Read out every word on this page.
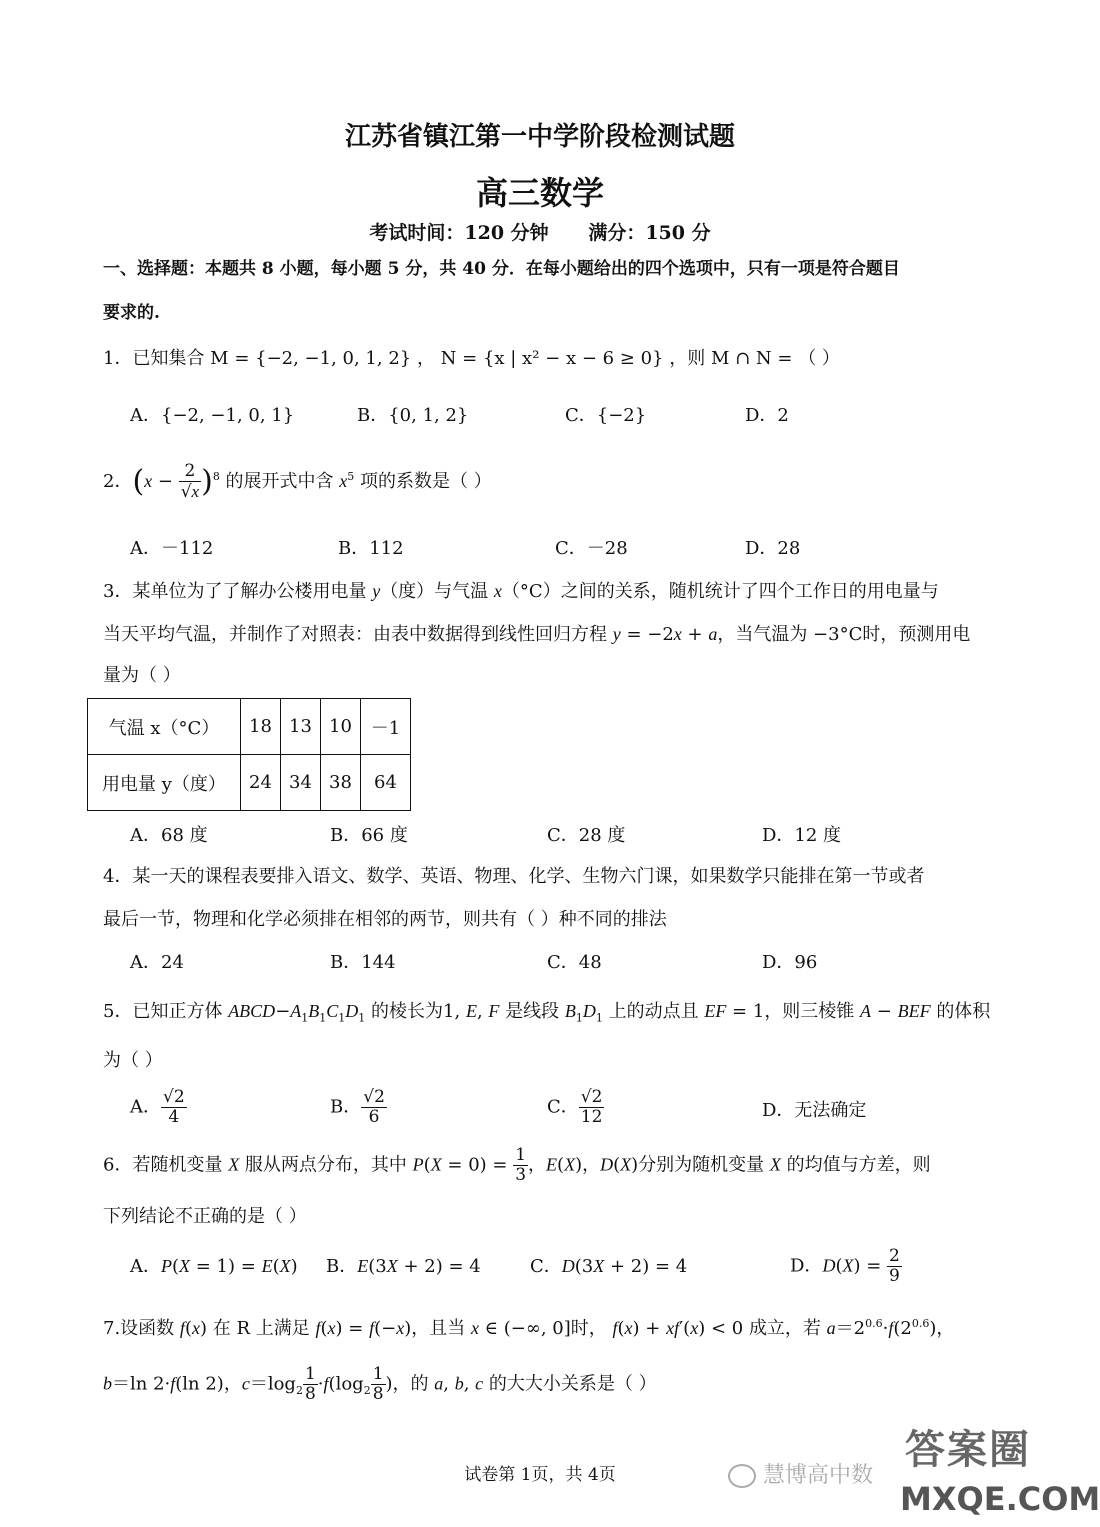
江苏省镇江第一中学阶段检测试题
高三数学
考试时间：120 分钟      满分：150 分
一、选择题：本题共 8 小题，每小题 5 分，共 40 分．在每小题给出的四个选项中，只有一项是符合题目
要求的.
1．已知集合 M = {−2, −1, 0, 1, 2} ， N = {x | x² − x − 6 ≥ 0} ，则 M ∩ N = （ ）
A．{−2, −1, 0, 1}	B．{0, 1, 2}	C．{−2}	D．2
2．$(x - \frac{2}{√x} )^8$ 的展开式中含 $x^5$ 项的系数是（ ）
A．－112	B．112	C．－28	D．28
3．某单位为了了解办公楼用电量 y（度）与气温 x（°C）之间的关系，随机统计了四个工作日的用电量与
当天平均气温，并制作了对照表：由表中数据得到线性回归方程 y = −2x + a，当气温为 −3°C时，预测用电
量为（ ）
气温 x（°C）	18	13	10	－1
用电量 y（度）	24	34	38	64
A．68 度	B．66 度	C．28 度	D．12 度
4．某一天的课程表要排入语文、数学、英语、物理、化学、生物六门课，如果数学只能排在第一节或者
最后一节，物理和化学必须排在相邻的两节，则共有（ ）种不同的排法
A．24	B．144	C．48	D．96
5．已知正方体 $ABCD-A_1B_1C_1D_1$ 的棱长为1, E, F 是线段 $B_1D_1$ 上的动点且 EF = 1，则三棱锥 A − BEF 的体积
为（ ）
A． $\frac{√2}{4}$	B． $\frac{√2}{6}$	C． $\frac{√2}{12}$	D．无法确定
6．若随机变量 X 服从两点分布，其中 $P(X = 0) = \frac{1}{3}$ ，E(X)，D(X)分别为随机变量 X 的均值与方差，则
下列结论不正确的是（ ）
A．P(X = 1) = E(X) B．E(3X + 2) = 4	C．D(3X + 2) = 4	D．$D(X) = \frac{2}{9}$
7.设函数 f(x) 在 R 上满足 f(x) = f(−x)，且当 x ∈ (−∞, 0]时， f(x) + xf′(x) < 0 成立，若 $a=2^{0.6}\cdot f(2^{0.6})$，
b＝ln 2·f(ln 2)，$c=\log_2 \frac{1}{8} \cdot f(\log_2 \frac{1}{8}$ )，的 a, b, c 的大大小关系是（ ）
试卷第 1页，共 4页	慧博高中数
答案圈
MXQE.COM
